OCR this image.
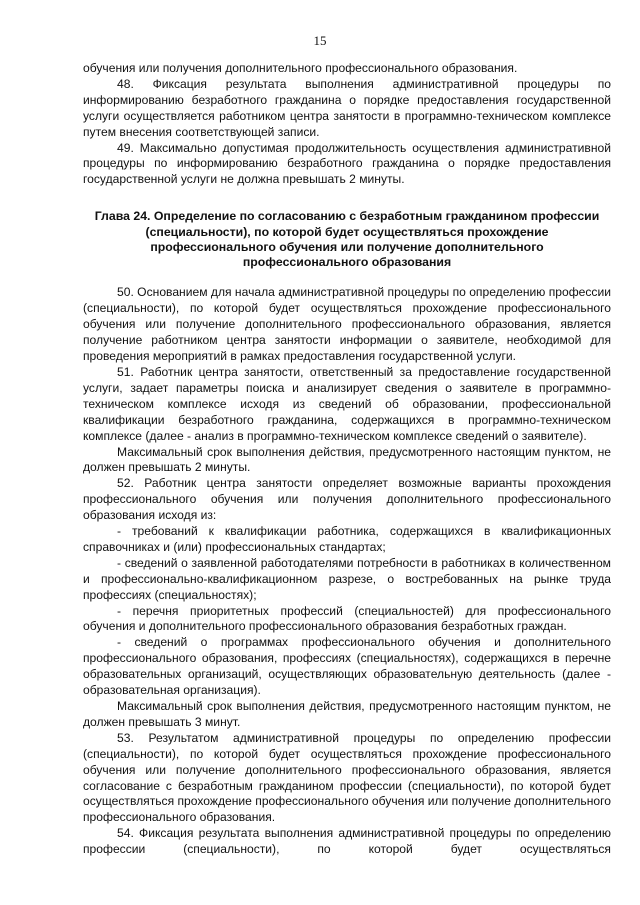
15

обучения или получения дополнительного профессионального образования.

48. Фиксация результата выполнения административной процедуры по информированию безработного гражданина о порядке предоставления государственной услуги осуществляется работником центра занятости в программно-техническом комплексе путем внесения соответствующей записи.

49. Максимально допустимая продолжительность осуществления административной процедуры по информированию безработного гражданина о порядке предоставления государственной услуги не должна превышать 2 минуты.

Глава 24. Определение по согласованию с безработным гражданином профессии (специальности), по которой будет осуществляться прохождение профессионального обучения или получение дополнительного профессионального образования

50. Основанием для начала административной процедуры по определению профессии (специальности), по которой будет осуществляться прохождение профессионального обучения или получение дополнительного профессионального образования, является получение работником центра занятости информации о заявителе, необходимой для проведения мероприятий в рамках предоставления государственной услуги.

51. Работник центра занятости, ответственный за предоставление государственной услуги, задает параметры поиска и анализирует сведения о заявителе в программно-техническом комплексе исходя из сведений об образовании, профессиональной квалификации безработного гражданина, содержащихся в программно-техническом комплексе (далее - анализ в программно-техническом комплексе сведений о заявителе).

Максимальный срок выполнения действия, предусмотренного настоящим пунктом, не должен превышать 2 минуты.

52. Работник центра занятости определяет возможные варианты прохождения профессионального обучения или получения дополнительного профессионального образования исходя из:

- требований к квалификации работника, содержащихся в квалификационных справочниках и (или) профессиональных стандартах;

- сведений о заявленной работодателями потребности в работниках в количественном и профессионально-квалификационном разрезе, о востребованных на рынке труда профессиях (специальностях);

- перечня приоритетных профессий (специальностей) для профессионального обучения и дополнительного профессионального образования безработных граждан.

- сведений о программах профессионального обучения и дополнительного профессионального образования, профессиях (специальностях), содержащихся в перечне образовательных организаций, осуществляющих образовательную деятельность (далее - образовательная организация).

Максимальный срок выполнения действия, предусмотренного настоящим пунктом, не должен превышать 3 минут.

53. Результатом административной процедуры по определению профессии (специальности), по которой будет осуществляться прохождение профессионального обучения или получение дополнительного профессионального образования, является согласование с безработным гражданином профессии (специальности), по которой будет осуществляться прохождение профессионального обучения или получение дополнительного профессионального образования.

54. Фиксация результата выполнения административной процедуры по определению профессии (специальности), по которой будет осуществляться
